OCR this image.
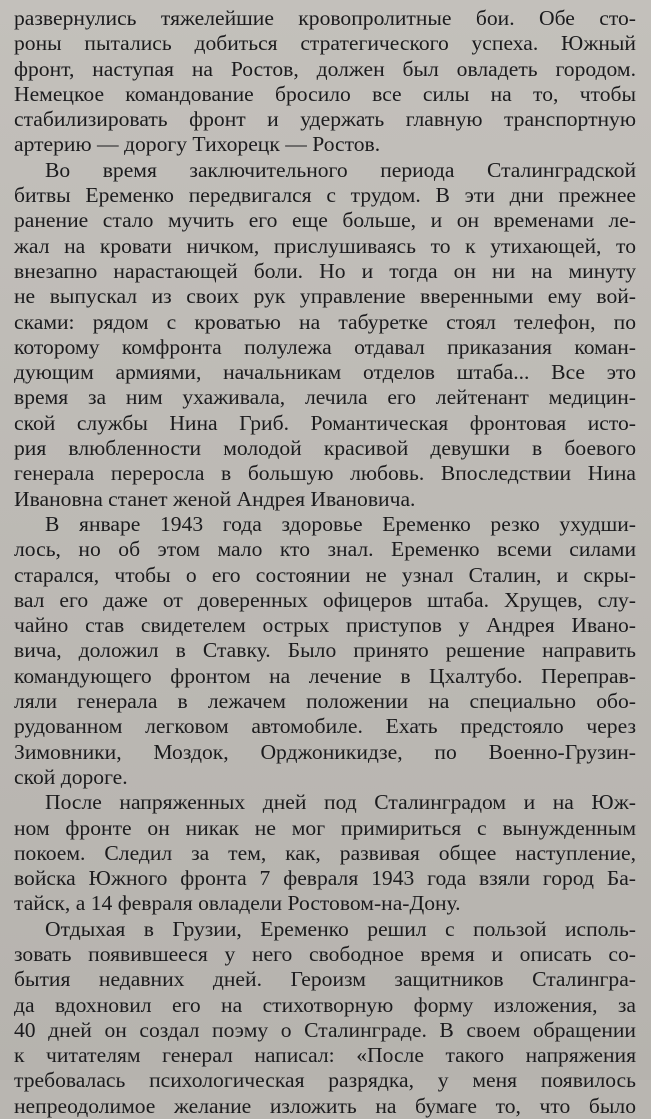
развернулись тяжелейшие кровопролитные бои. Обе сто-
роны пытались добиться стратегического успеха. Южный
фронт, наступая на Ростов, должен был овладеть городом.
Немецкое командование бросило все силы на то, чтобы
стабилизировать фронт и удержать главную транспортную
артерию — дорогу Тихорецк — Ростов.

Во время заключительного периода Сталинградской
битвы Еременко передвигался с трудом. В эти дни прежнее
ранение стало мучить его еще больше, и он временами ле-
жал на кровати ничком, прислушиваясь то к утихающей, то
внезапно нарастающей боли. Но и тогда он ни на минуту
не выпускал из своих рук управление вверенными ему вой-
сками: рядом с кроватью на табуретке стоял телефон, по
которому комфронта полулежа отдавал приказания коман-
дующим армиями, начальникам отделов штаба... Все это
время за ним ухаживала, лечила его лейтенант медицин-
ской службы Нина Гриб. Романтическая фронтовая исто-
рия влюбленности молодой красивой девушки в боевого
генерала переросла в большую любовь. Впоследствии Нина
Ивановна станет женой Андрея Ивановича.

В январе 1943 года здоровье Еременко резко ухудши-
лось, но об этом мало кто знал. Еременко всеми силами
старался, чтобы о его состоянии не узнал Сталин, и скры-
вал его даже от доверенных офицеров штаба. Хрущев, слу-
чайно став свидетелем острых приступов у Андрея Ивано-
вича, доложил в Ставку. Было принято решение направить
командующего фронтом на лечение в Цхалтубо. Переправ-
ляли генерала в лежачем положении на специально обо-
рудованном легковом автомобиле. Ехать предстояло через
Зимовники, Моздок, Орджоникидзе, по Военно-Грузин-
ской дороге.

После напряженных дней под Сталинградом и на Юж-
ном фронте он никак не мог примириться с вынужденным
покоем. Следил за тем, как, развивая общее наступление,
войска Южного фронта 7 февраля 1943 года взяли город Ба-
тайск, а 14 февраля овладели Ростовом-на-Дону.

Отдыхая в Грузии, Еременко решил с пользой исполь-
зовать появившееся у него свободное время и описать со-
бытия недавних дней. Героизм защитников Сталингра-
да вдохновил его на стихотворную форму изложения, за
40 дней он создал поэму о Сталинграде. В своем обращении
к читателям генерал написал: «После такого напряжения
требовалась психологическая разрядка, у меня появилось
непреодолимое желание изложить на бумаге то, что было
